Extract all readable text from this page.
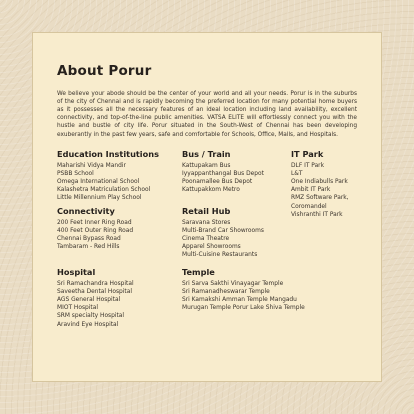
About Porur

We believe your abode should be the center of your world and all your needs. Porur is in the suburbs of the city of Chennai and is rapidly becoming the preferred location for many potential home buyers as it possesses all the necessary features of an ideal location including land availability, excellent connectivity, and top-of-the-line public amenities. VATSA ELITE will effortlessly connect you with the hustle and bustle of city life. Porur situated in the South-West of Chennai has been developing exuberantly in the past few years, safe and comfortable for Schools, Office, Malls, and Hospitals.

Education Institutions
Maharishi Vidya Mandir
PSBB School
Omega International School
Kalashetra Matriculation School
Little Millennium Play School
Bus / Train
Kattupakam Bus
Iyyappanthangal Bus Depot
Poonamallee Bus Depot
Kattupakkom Metro
IT Park
DLF IT Park
L&T
One Indiabulls Park
Ambit IT Park
RMZ Software Park, Coromandel
Vishranthi IT Park
Connectivity
200 Feet Inner Ring Road
400 Feet Outer Ring Road
Chennai Bypass Road
Tambaram - Red Hills
Retail Hub
Saravana Stores
Multi-Brand Car Showrooms
Cinema Theatre
Apparel Showrooms
Multi-Cuisine Restaurants
Hospital
Sri Ramachandra Hospital
Saveetha Dental Hospital
AGS General Hospital
MIOT Hospital
SRM specialty Hospital
Aravind Eye Hospital
Temple
Sri Sarva Sakthi Vinayagar Temple
Sri Ramanadheswarar Temple
Sri Kamakshi Amman Temple Mangadu
Murugan Temple Porur Lake Shiva Temple
